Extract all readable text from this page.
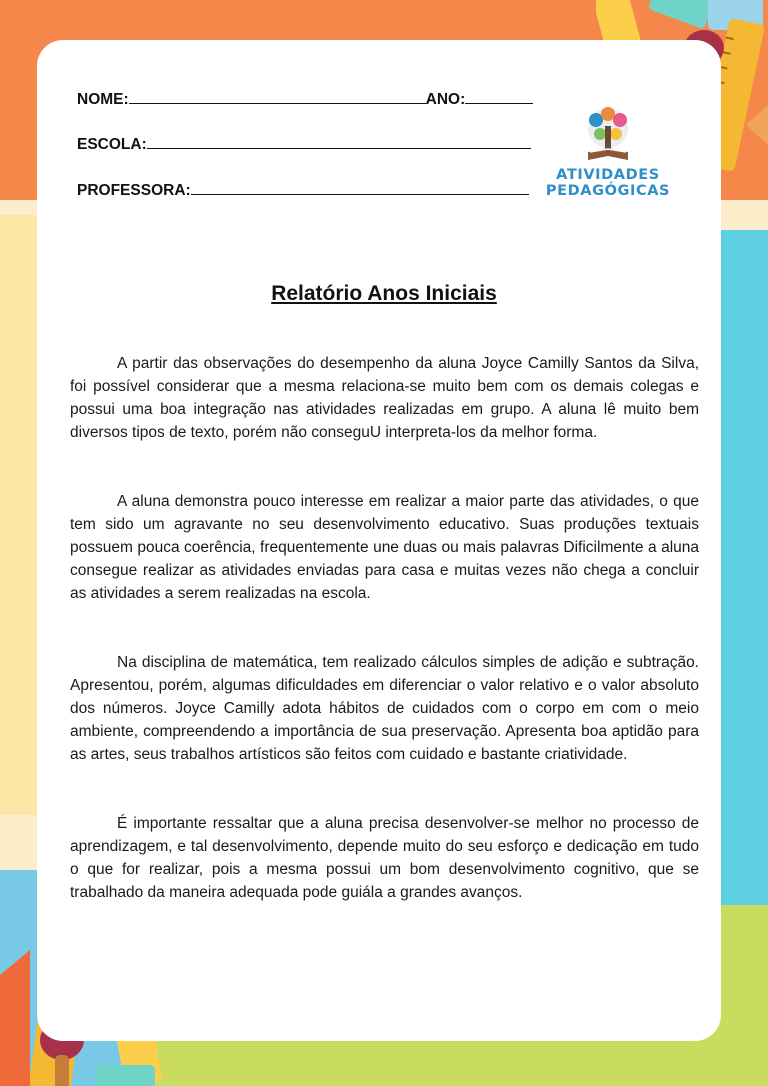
NOME:	ANO:
ESCOLA:
PROFESSORA:
ATIVIDADES
PEDAGÓGICAS
Relatório Anos Iniciais

A partir das observações do desempenho da aluna Joyce Camilly Santos da Silva, foi possível considerar que a mesma relaciona-se muito bem com os demais colegas e possui uma boa integração nas atividades realizadas em grupo. A aluna lê muito bem diversos tipos de texto, porém não conseguU interpreta-los da melhor forma.

A aluna demonstra pouco interesse em realizar a maior parte das atividades, o que tem sido um agravante no seu desenvolvimento educativo. Suas produções textuais possuem pouca coerência, frequentemente une duas ou mais palavras Dificilmente a aluna consegue realizar as atividades enviadas para casa e muitas vezes não chega a concluir as atividades a serem realizadas na escola.

Na disciplina de matemática, tem realizado cálculos simples de adição e subtração. Apresentou, porém, algumas dificuldades em diferenciar o valor relativo e o valor absoluto dos números. Joyce Camilly adota hábitos de cuidados com o corpo em com o meio ambiente, compreendendo a importância de sua preservação. Apresenta boa aptidão para as artes, seus trabalhos artísticos são feitos com cuidado e bastante criatividade.

É importante ressaltar que a aluna precisa desenvolver-se melhor no processo de aprendizagem, e tal desenvolvimento, depende muito do seu esforço e dedicação em tudo o que for realizar, pois a mesma possui um bom desenvolvimento cognitivo, que se trabalhado da maneira adequada pode guiála a grandes avanços.
